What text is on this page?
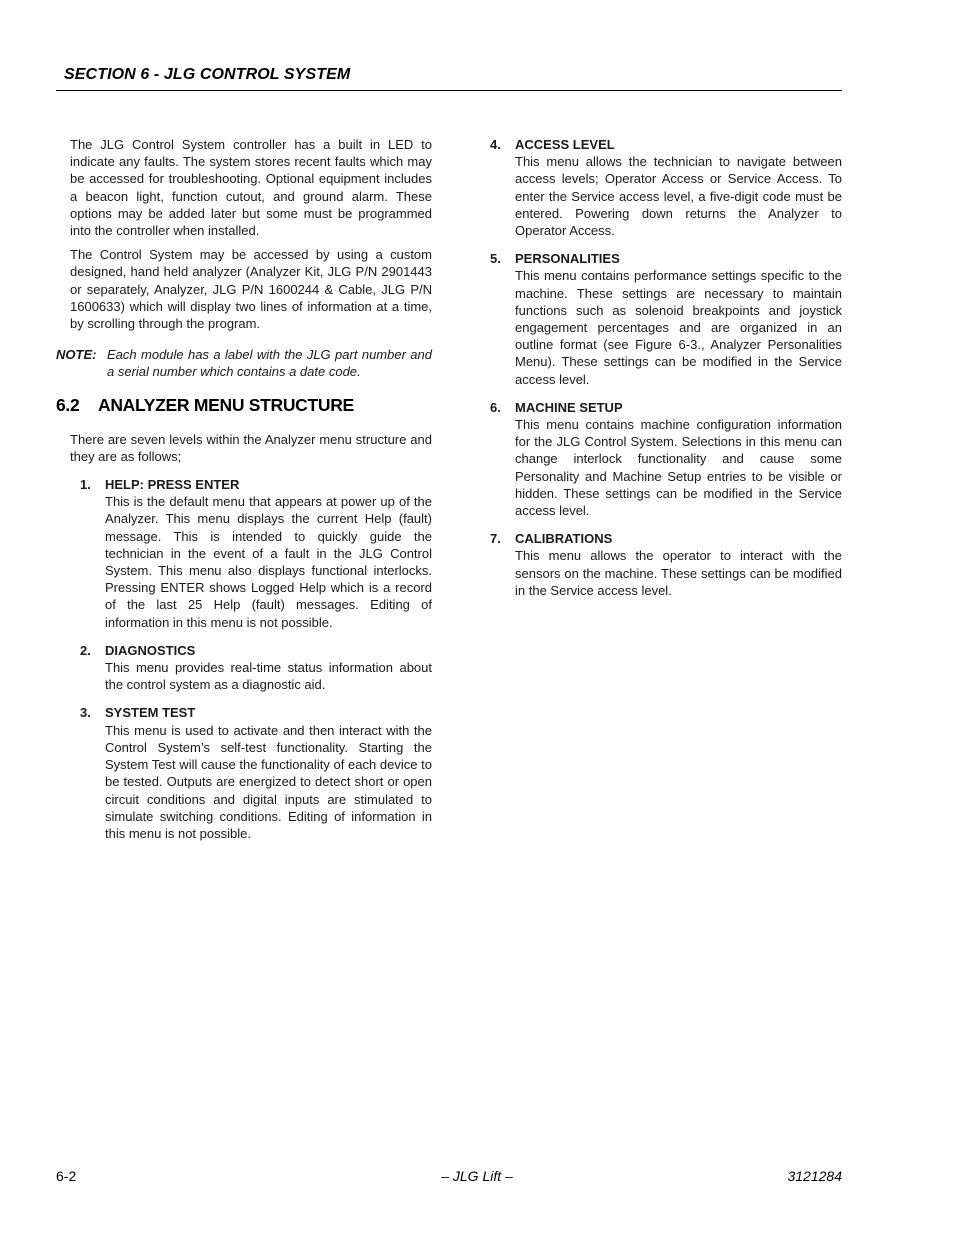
SECTION 6 - JLG CONTROL SYSTEM

The JLG Control System controller has a built in LED to indicate any faults. The system stores recent faults which may be accessed for troubleshooting. Optional equipment includes a beacon light, function cutout, and ground alarm. These options may be added later but some must be programmed into the controller when installed.

The Control System may be accessed by using a custom designed, hand held analyzer (Analyzer Kit, JLG P/N 2901443 or separately, Analyzer, JLG P/N 1600244 & Cable, JLG P/N 1600633) which will display two lines of information at a time, by scrolling through the program.

NOTE: Each module has a label with the JLG part number and a serial number which contains a date code.
6.2 ANALYZER MENU STRUCTURE

There are seven levels within the Analyzer menu structure and they are as follows;

1. HELP: PRESS ENTER
This is the default menu that appears at power up of the Analyzer. This menu displays the current Help (fault) message. This is intended to quickly guide the technician in the event of a fault in the JLG Control System. This menu also displays functional interlocks. Pressing ENTER shows Logged Help which is a record of the last 25 Help (fault) messages. Editing of information in this menu is not possible.
2. DIAGNOSTICS
This menu provides real-time status information about the control system as a diagnostic aid.
3. SYSTEM TEST
This menu is used to activate and then interact with the Control System’s self-test functionality. Starting the System Test will cause the functionality of each device to be tested. Outputs are energized to detect short or open circuit conditions and digital inputs are stimulated to simulate switching conditions. Editing of information in this menu is not possible.
4. ACCESS LEVEL
This menu allows the technician to navigate between access levels; Operator Access or Service Access. To enter the Service access level, a five-digit code must be entered. Powering down returns the Analyzer to Operator Access.
5. PERSONALITIES
This menu contains performance settings specific to the machine. These settings are necessary to maintain functions such as solenoid breakpoints and joystick engagement percentages and are organized in an outline format (see Figure 6-3., Analyzer Personalities Menu). These settings can be modified in the Service access level.
6. MACHINE SETUP
This menu contains machine configuration information for the JLG Control System. Selections in this menu can change interlock functionality and cause some Personality and Machine Setup entries to be visible or hidden. These settings can be modified in the Service access level.
7. CALIBRATIONS
This menu allows the operator to interact with the sensors on the machine. These settings can be modified in the Service access level.
6-2	– JLG Lift –	3121284
